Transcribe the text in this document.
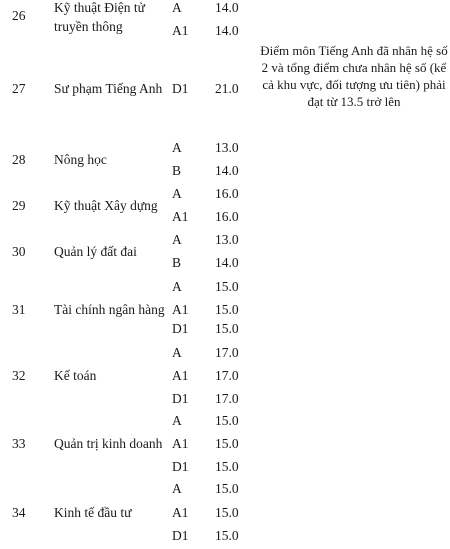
26
Kỹ thuật Điện tử
truyền thông
A 14.0
A1 14.0
27 Sư phạm Tiếng Anh D1 21.0
28 Nông học
A 13.0
B	14.0
29 Kỹ thuật Xây dựng
A 16.0
A1 16.0
30 Quản lý đất đai
A 13.0
B	14.0
31 Tài chính ngân hàng
A 15.0
A1 15.0
D1 15.0
32 Kế toán
A 17.0
A1 17.0
D1 17.0
33 Quản trị kinh doanh
A 15.0
A1 15.0
D1 15.0
34 Kinh tế đầu tư
A 15.0
A1 15.0
D1 15.0
Điểm môn Tiếng Anh đã nhân hệ số 2 và tổng điểm chưa nhân hệ số (kể cả khu vực, đối tượng ưu tiên) phải đạt từ 13.5 trở lên
